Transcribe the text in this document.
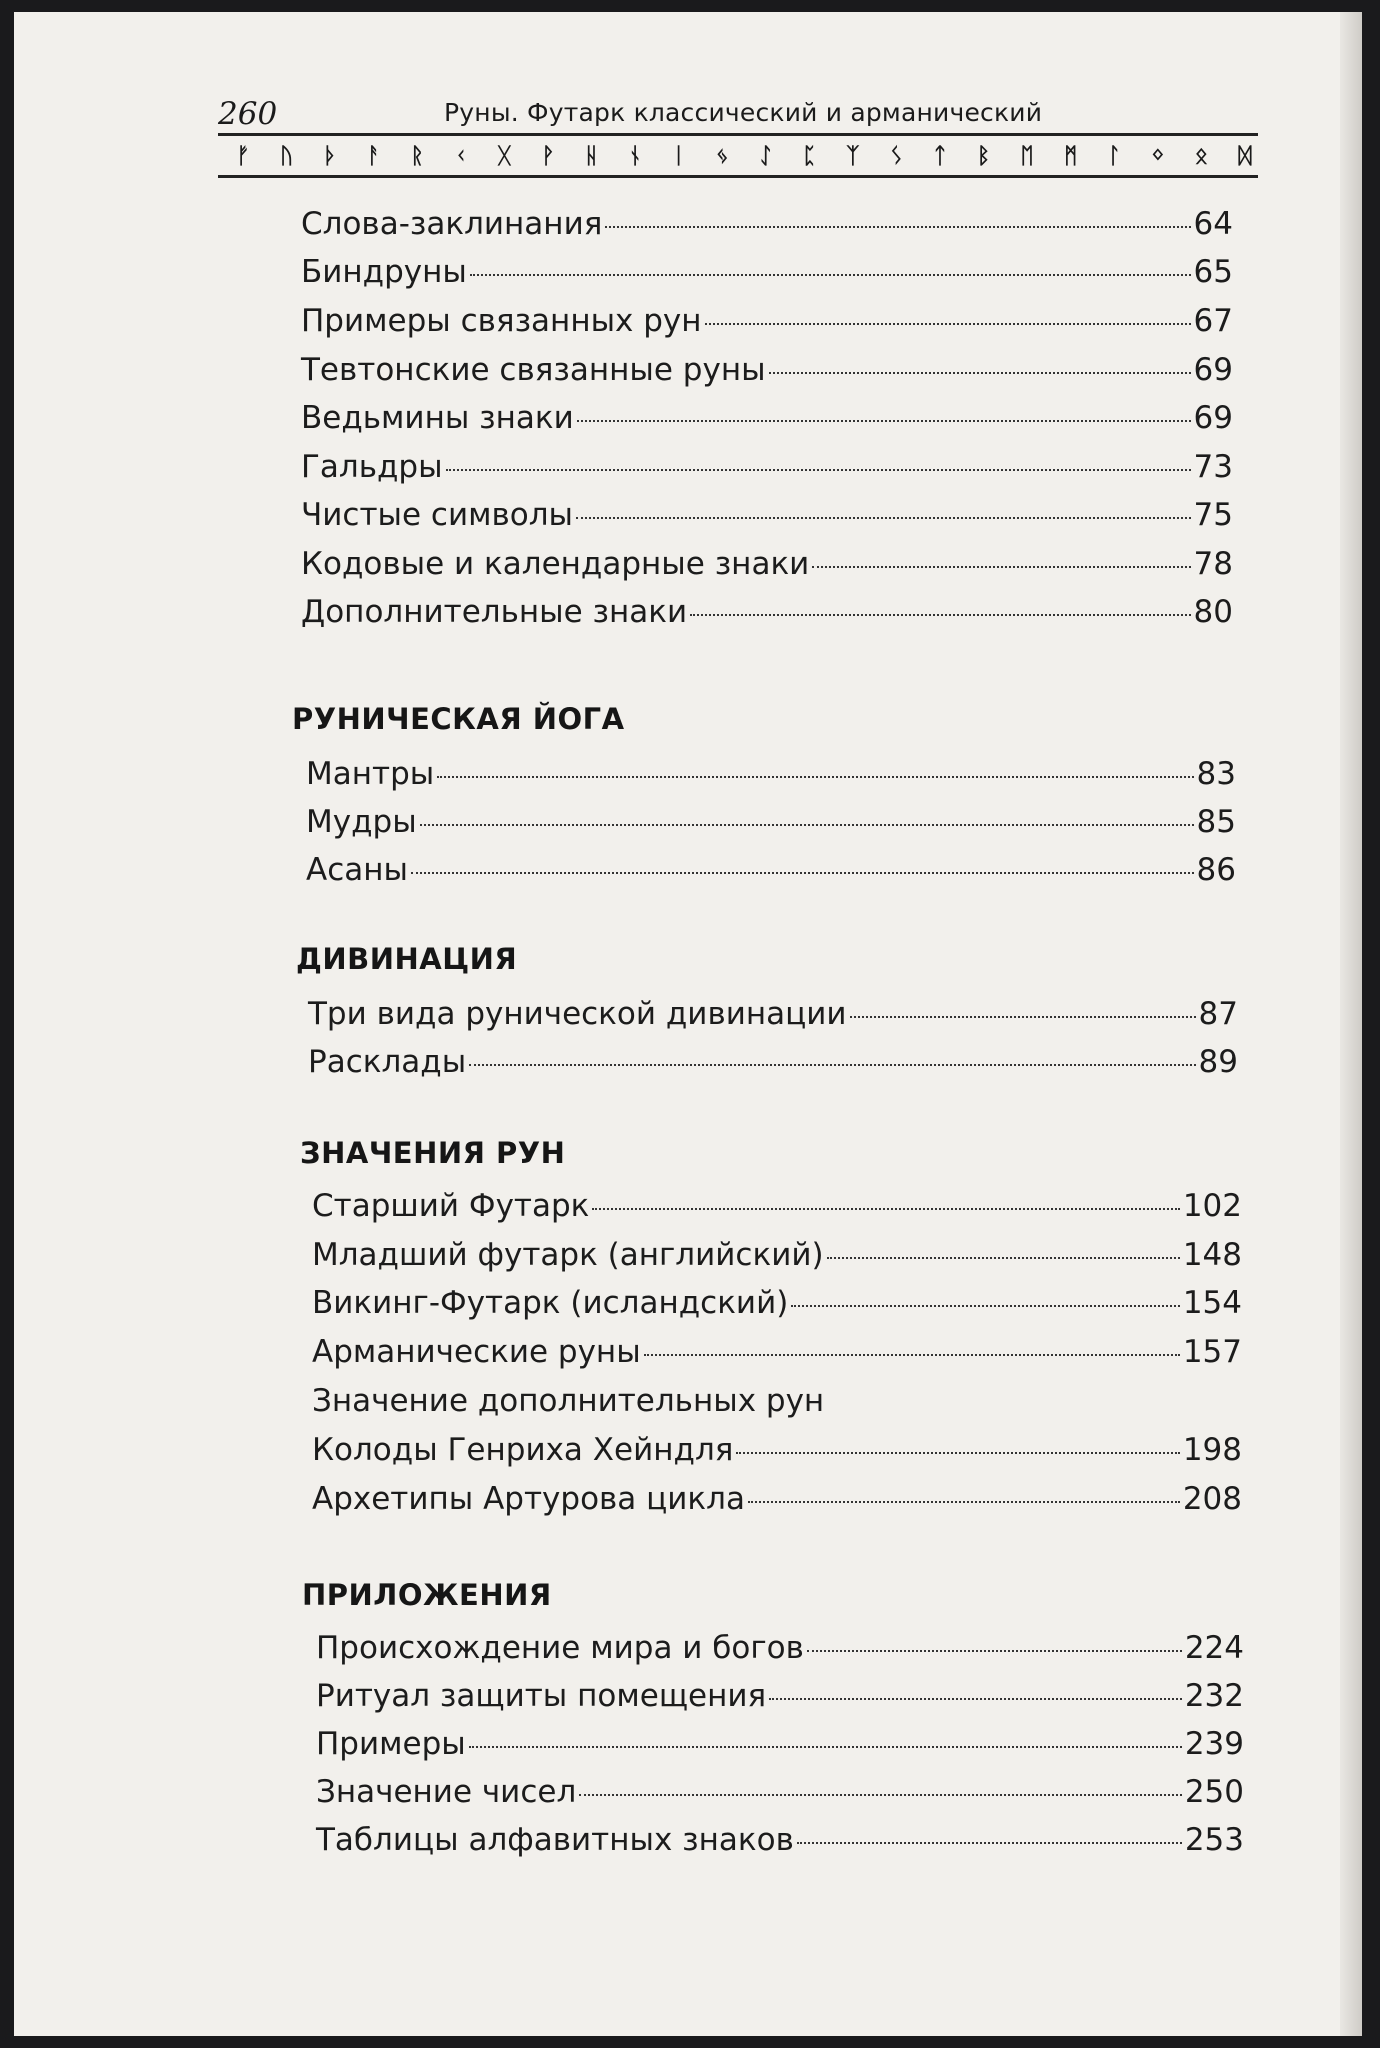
260	Руны. Футарк классический и арманический
ᚠ ᚢ ᚦ ᚨ ᚱ ᚲ ᚷ ᚹ ᚺ ᚾ ᛁ ᛃ ᛇ ᛈ ᛉ ᛊ ᛏ ᛒ ᛖ ᛗ ᛚ ᛜ ᛟ ᛞ
Слова-заклинания	64
Биндруны	65
Примеры связанных рун	67
Тевтонские связанные руны	69
Ведьмины знаки	69
Гальдры	73
Чистые символы	75
Кодовые и календарные знаки	78
Дополнительные знаки	80
РУНИЧЕСКАЯ ЙОГА
Мантры	83
Мудры	85
Асаны	86
ДИВИНАЦИЯ
Три вида рунической дивинации	87
Расклады	89
ЗНАЧЕНИЯ РУН
Старший Футарк	102
Младший футарк (английский)	148
Викинг-Футарк (исландский)	154
Арманические руны	157
Значение дополнительных рун
Колоды Генриха Хейндля	198
Архетипы Артурова цикла	208
ПРИЛОЖЕНИЯ
Происхождение мира и богов	224
Ритуал защиты помещения	232
Примеры	239
Значение чисел	250
Таблицы алфавитных знаков	253
